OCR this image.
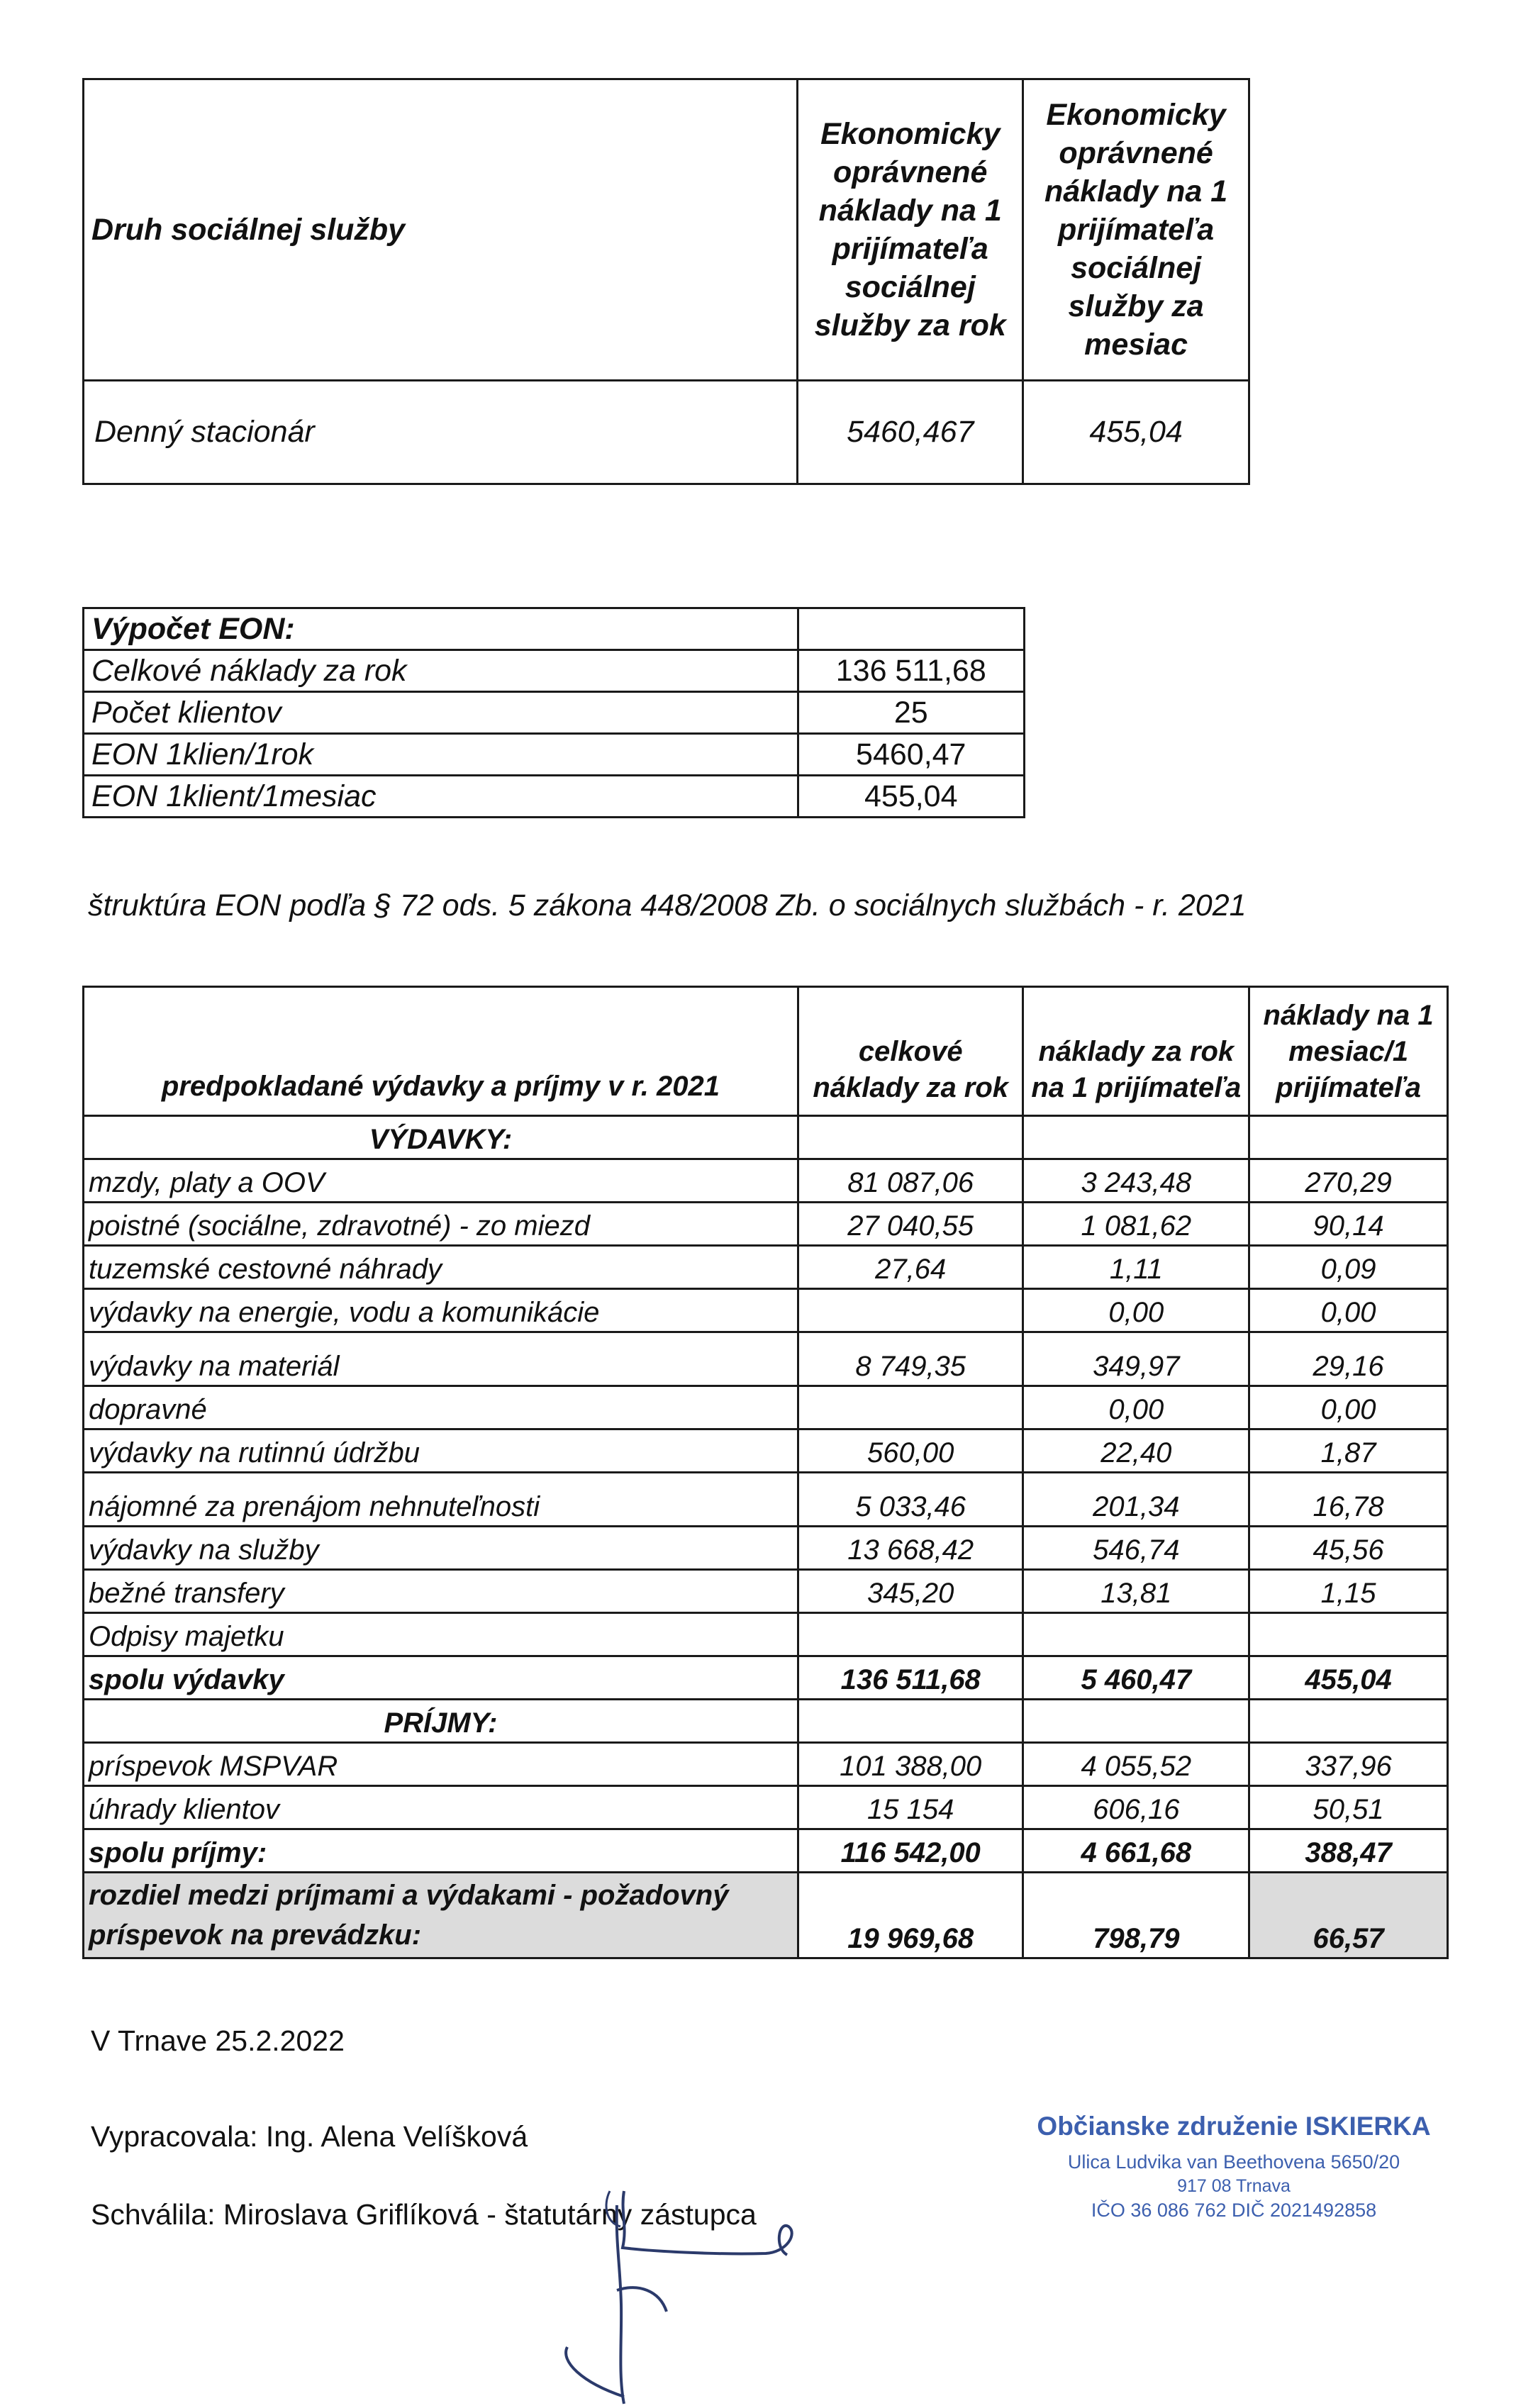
Druh sociálnej služby	Ekonomicky oprávnené náklady na 1 prijímateľa sociálnej služby za rok	Ekonomicky oprávnené náklady na 1 prijímateľa sociálnej služby za mesiac
Denný stacionár	5460,467	455,04
Výpočet EON:	
Celkové náklady za rok	136 511,68
Počet klientov	25
EON 1klien/1rok	5460,47
EON 1klient/1mesiac	455,04
štruktúra EON podľa § 72 ods. 5 zákona 448/2008 Zb. o sociálnych službách - r. 2021
predpokladané výdavky a príjmy v r. 2021	celkové náklady za rok	náklady za rok na 1 prijímateľa	náklady na 1 mesiac/1 prijímateľa
VÝDAVKY:			
mzdy, platy a OOV	81 087,06	3 243,48	270,29
poistné (sociálne, zdravotné) - zo miezd	27 040,55	1 081,62	90,14
tuzemské cestovné náhrady	27,64	1,11	0,09
výdavky na energie, vodu a komunikácie		0,00	0,00
výdavky na materiál	8 749,35	349,97	29,16
dopravné		0,00	0,00
výdavky na rutinnú údržbu	560,00	22,40	1,87
nájomné za prenájom nehnuteľnosti	5 033,46	201,34	16,78
výdavky na služby	13 668,42	546,74	45,56
bežné transfery	345,20	13,81	1,15
Odpisy majetku			
spolu výdavky	136 511,68	5 460,47	455,04
PRÍJMY:			
príspevok MSPVAR	101 388,00	4 055,52	337,96
úhrady klientov	15 154	606,16	50,51
spolu príjmy:	116 542,00	4 661,68	388,47
rozdiel medzi príjmami a výdakami - požadovný príspevok na prevádzku:	19 969,68	798,79	66,57
V Trnave 25.2.2022
Vypracovala: Ing. Alena Velíšková
Schválila: Miroslava Griflíková - štatutárny zástupca
Občianske združenie ISKIERKA
Ulica Ludvika van Beethovena 5650/20
917 08 Trnava
IČO 36 086 762 DIČ 2021492858
